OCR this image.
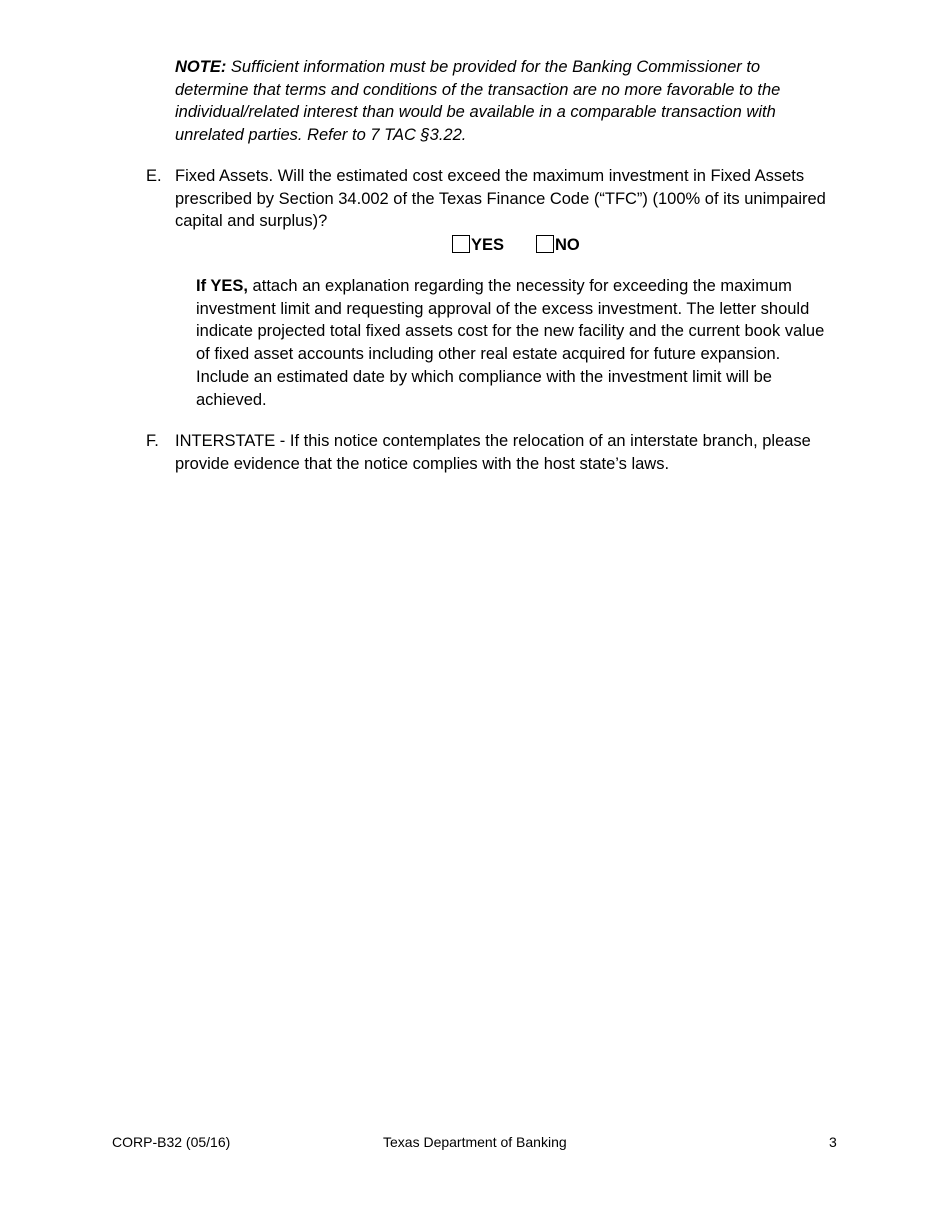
NOTE: Sufficient information must be provided for the Banking Commissioner to determine that terms and conditions of the transaction are no more favorable to the individual/related interest than would be available in a comparable transaction with unrelated parties. Refer to 7 TAC §3.22.
E. Fixed Assets. Will the estimated cost exceed the maximum investment in Fixed Assets prescribed by Section 34.002 of the Texas Finance Code (“TFC”) (100% of its unimpaired capital and surplus)?
YES	NO
If YES, attach an explanation regarding the necessity for exceeding the maximum investment limit and requesting approval of the excess investment. The letter should indicate projected total fixed assets cost for the new facility and the current book value of fixed asset accounts including other real estate acquired for future expansion. Include an estimated date by which compliance with the investment limit will be achieved.
F. INTERSTATE - If this notice contemplates the relocation of an interstate branch, please provide evidence that the notice complies with the host state’s laws.
CORP-B32 (05/16)	Texas Department of Banking	3
